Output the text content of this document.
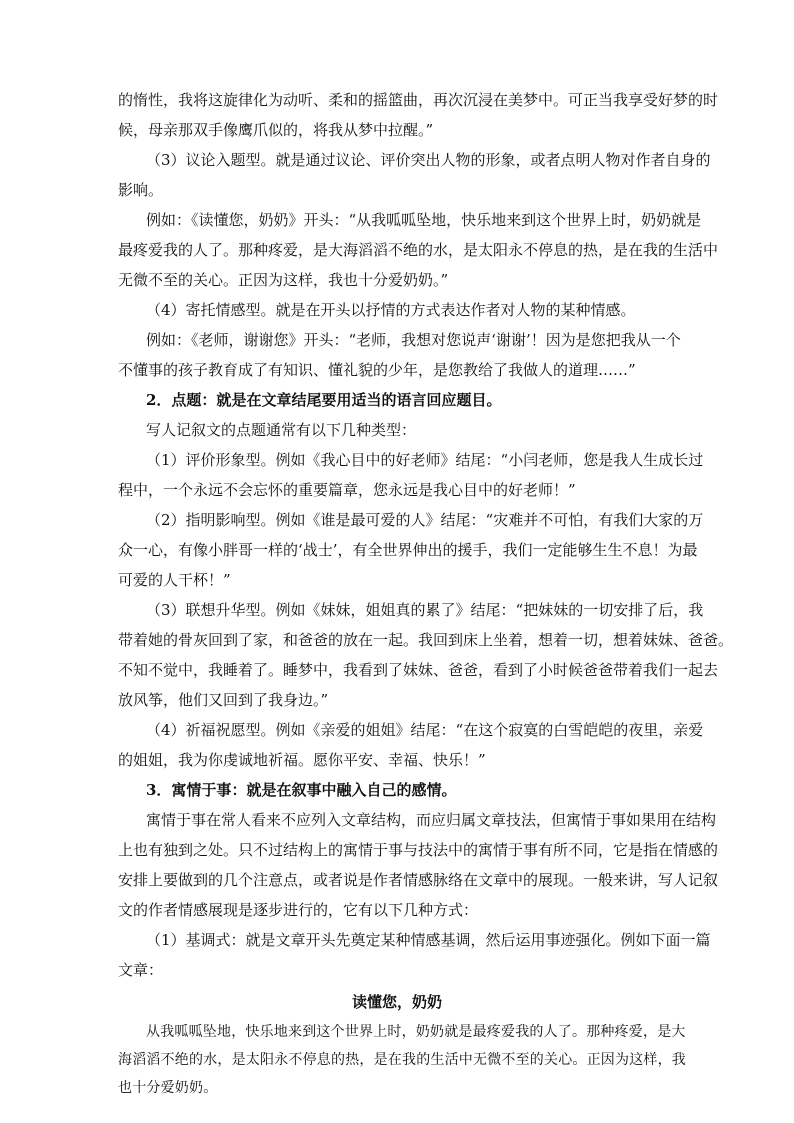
的惰性，我将这旋律化为动听、柔和的摇篮曲，再次沉浸在美梦中。可正当我享受好梦的时
候，母亲那双手像鹰爪似的，将我从梦中拉醒。”
（3）议论入题型。就是通过议论、评价突出人物的形象，或者点明人物对作者自身的
影响。
例如：《读懂您，奶奶》开头：“从我呱呱坠地，快乐地来到这个世界上时，奶奶就是
最疼爱我的人了。那种疼爱，是大海滔滔不绝的水，是太阳永不停息的热，是在我的生活中
无微不至的关心。正因为这样，我也十分爱奶奶。”
（4）寄托情感型。就是在开头以抒情的方式表达作者对人物的某种情感。
例如：《老师，谢谢您》开头：“老师，我想对您说声‘谢谢’！因为是您把我从一个
不懂事的孩子教育成了有知识、懂礼貌的少年，是您教给了我做人的道理……”
2．点题：就是在文章结尾要用适当的语言回应题目。
写人记叙文的点题通常有以下几种类型：
（1）评价形象型。例如《我心目中的好老师》结尾：“小闫老师，您是我人生成长过
程中，一个永远不会忘怀的重要篇章，您永远是我心目中的好老师！”
（2）指明影响型。例如《谁是最可爱的人》结尾：“灾难并不可怕，有我们大家的万
众一心，有像小胖哥一样的‘战士’，有全世界伸出的援手，我们一定能够生生不息！为最
可爱的人干杯！”
（3）联想升华型。例如《妹妹，姐姐真的累了》结尾：“把妹妹的一切安排了后，我
带着她的骨灰回到了家，和爸爸的放在一起。我回到床上坐着，想着一切，想着妹妹、爸爸。
不知不觉中，我睡着了。睡梦中，我看到了妹妹、爸爸，看到了小时候爸爸带着我们一起去
放风筝，他们又回到了我身边。”
（4）祈福祝愿型。例如《亲爱的姐姐》结尾：“在这个寂寞的白雪皑皑的夜里，亲爱
的姐姐，我为你虔诚地祈福。愿你平安、幸福、快乐！”
3．寓情于事：就是在叙事中融入自己的感情。
寓情于事在常人看来不应列入文章结构，而应归属文章技法，但寓情于事如果用在结构
上也有独到之处。只不过结构上的寓情于事与技法中的寓情于事有所不同，它是指在情感的
安排上要做到的几个注意点，或者说是作者情感脉络在文章中的展现。一般来讲，写人记叙
文的作者情感展现是逐步进行的，它有以下几种方式：
（1）基调式：就是文章开头先奠定某种情感基调，然后运用事迹强化。例如下面一篇
文章：
读懂您，奶奶
从我呱呱坠地，快乐地来到这个世界上时，奶奶就是最疼爱我的人了。那种疼爱，是大
海滔滔不绝的水，是太阳永不停息的热，是在我的生活中无微不至的关心。正因为这样，我
也十分爱奶奶。
